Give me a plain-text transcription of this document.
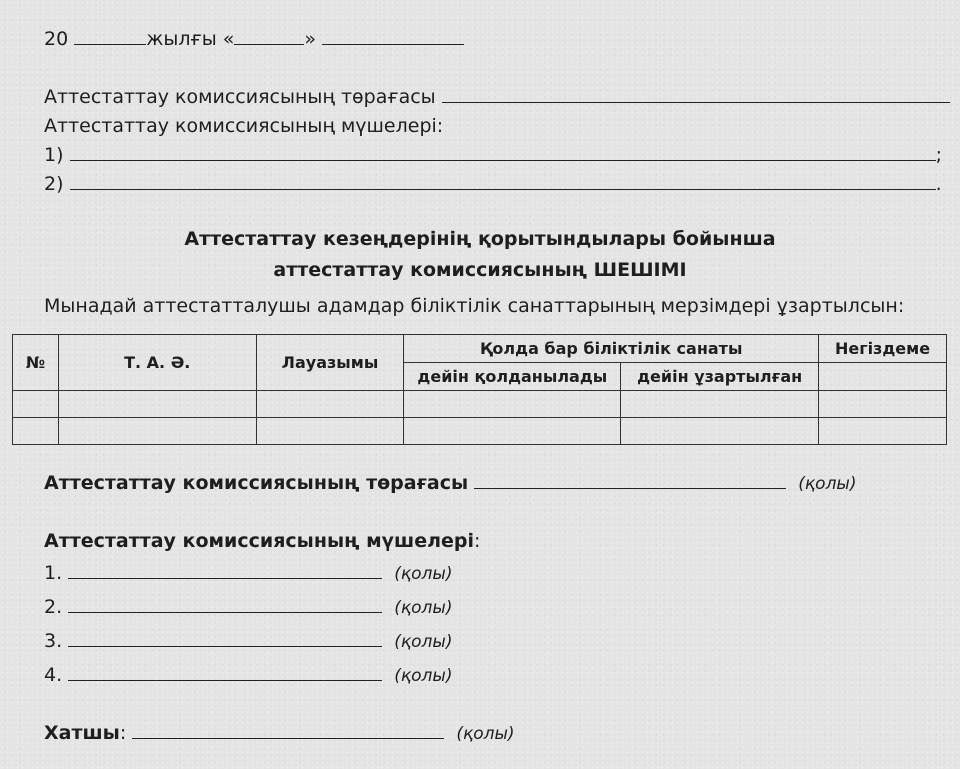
20	жылғы «	»
Аттестаттау комиссиясының төрағасы
Аттестаттау комиссиясының мүшелері:
1)	;
2)	.
Аттестаттау кезеңдерінің қорытындылары бойынша
аттестаттау комиссиясының ШЕШІМІ
Мынадай аттестатталушы адамдар біліктілік санаттарының мерзімдері ұзартылсын:
№	Т. А. Ә.	Лауазымы	Қолда бар біліктілік санаты		Негіздеме
			дейін қолданылады	дейін ұзартылған	

Аттестаттау комиссиясының төрағасы	(қолы)
Аттестаттау комиссиясының мүшелері:
1.	(қолы)
2.	(қолы)
3.	(қолы)
4.	(қолы)
Хатшы:	(қолы)
